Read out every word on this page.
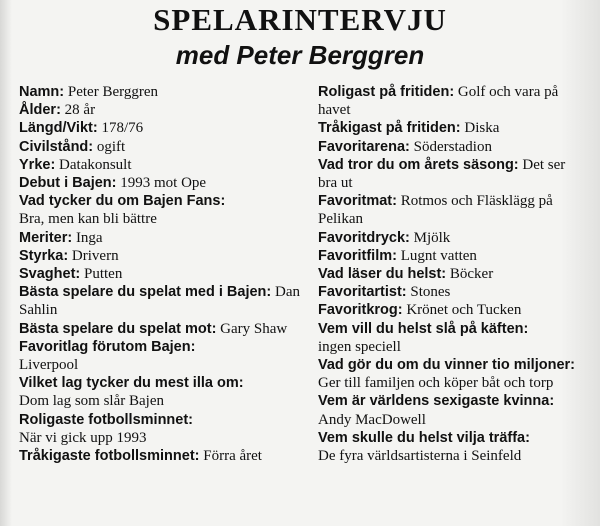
SPELARINTERVJU
med Peter Berggren
Namn: Peter Berggren
Ålder: 28 år
Längd/Vikt: 178/76
Civilstånd: ogift
Yrke: Datakonsult
Debut i Bajen: 1993 mot Ope
Vad tycker du om Bajen Fans:
Bra, men kan bli bättre
Meriter: Inga
Styrka: Drivern
Svaghet: Putten
Bästa spelare du spelat med i Bajen: Dan Sahlin
Bästa spelare du spelat mot: Gary Shaw
Favoritlag förutom Bajen:
Liverpool
Vilket lag tycker du mest illa om:
Dom lag som slår Bajen
Roligaste fotbollsminnet:
När vi gick upp 1993
Tråkigaste fotbollsminnet: Förra året
Roligast på fritiden: Golf och vara på havet
Tråkigast på fritiden: Diska
Favoritarena: Söderstadion
Vad tror du om årets säsong: Det ser bra ut
Favoritmat: Rotmos och Fläsklägg på Pelikan
Favoritdryck: Mjölk
Favoritfilm: Lugnt vatten
Vad läser du helst: Böcker
Favoritartist: Stones
Favoritkrog: Krönet och Tucken
Vem vill du helst slå på käften:
ingen speciell
Vad gör du om du vinner tio miljoner: Ger till familjen och köper båt och torp
Vem är världens sexigaste kvinna:
Andy MacDowell
Vem skulle du helst vilja träffa:
De fyra världsartisterna i Seinfeld
